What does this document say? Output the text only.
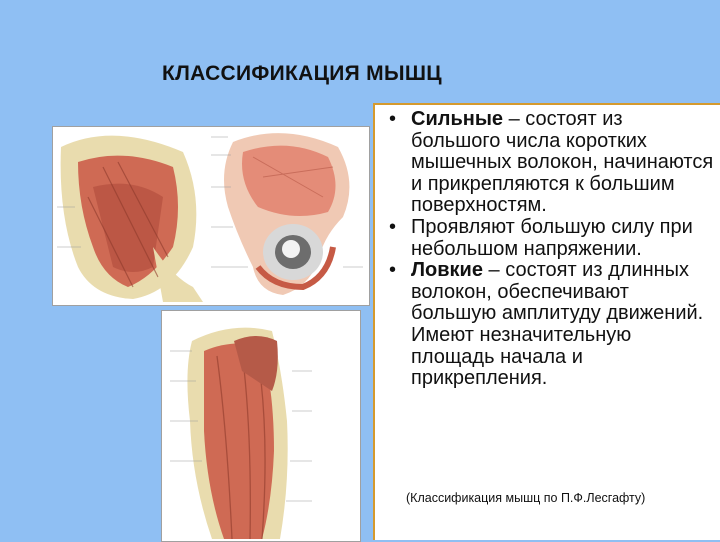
КЛАССИФИКАЦИЯ МЫШЦ
• Сильные – состоят из большого числа коротких мышечных волокон, начинаются и прикрепляются к большим поверхностям.
• Проявляют большую силу при небольшом напряжении.
• Ловкие – состоят из длинных волокон, обеспечивают большую амплитуду движений. Имеют незначительную площадь начала и прикрепления.
(Классификация мышц по П.Ф.Лесгафту)
